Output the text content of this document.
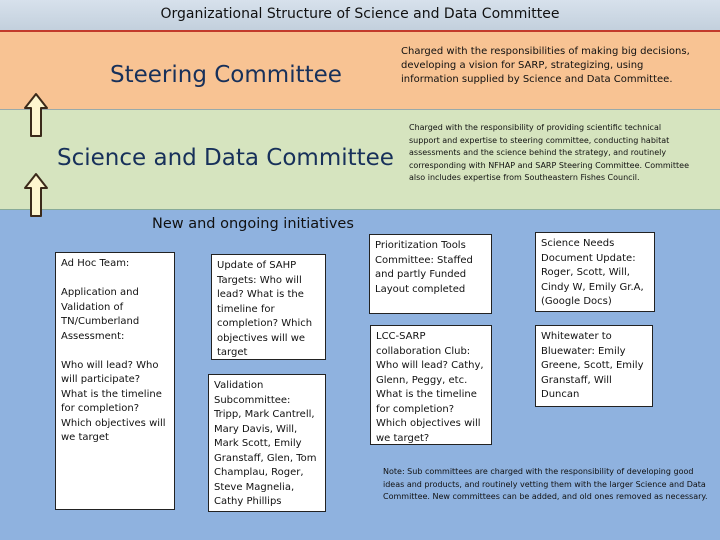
Organizational Structure of Science and Data Committee
Steering Committee
Charged with the responsibilities of making big decisions, developing a vision for SARP, strategizing, using information supplied by Science and Data Committee.
Science and Data Committee
Charged with the responsibility of providing scientific technical support and expertise to steering committee, conducting habitat assessments and the science behind the strategy, and routinely corresponding with NFHAP and SARP Steering Committee. Committee also includes expertise from Southeastern Fishes Council.
New and ongoing initiatives

Ad Hoc Team:

Application and Validation of TN/Cumberland Assessment:

Who will lead? Who will participate? What is the timeline for completion? Which objectives will we target

Update of SAHP Targets: Who will lead? What is the timeline for completion? Which objectives will we target

Validation Subcommittee: Tripp, Mark Cantrell, Mary Davis, Will, Mark Scott, Emily Granstaff, Glen, Tom Champlau, Roger, Steve Magnelia, Cathy Phillips

Prioritization Tools Committee: Staffed and partly Funded Layout completed

LCC-SARP collaboration Club: Who will lead? Cathy, Glenn, Peggy, etc. What is the timeline for completion? Which objectives will we target?

Science Needs Document Update: Roger, Scott, Will, Cindy W, Emily Gr.A, (Google Docs)

Whitewater to Bluewater: Emily Greene, Scott, Emily Granstaff, Will Duncan

Note: Sub committees are charged with the responsibility of developing good ideas and products, and routinely vetting them with the larger Science and Data Committee. New committees can be added, and old ones removed as necessary.
